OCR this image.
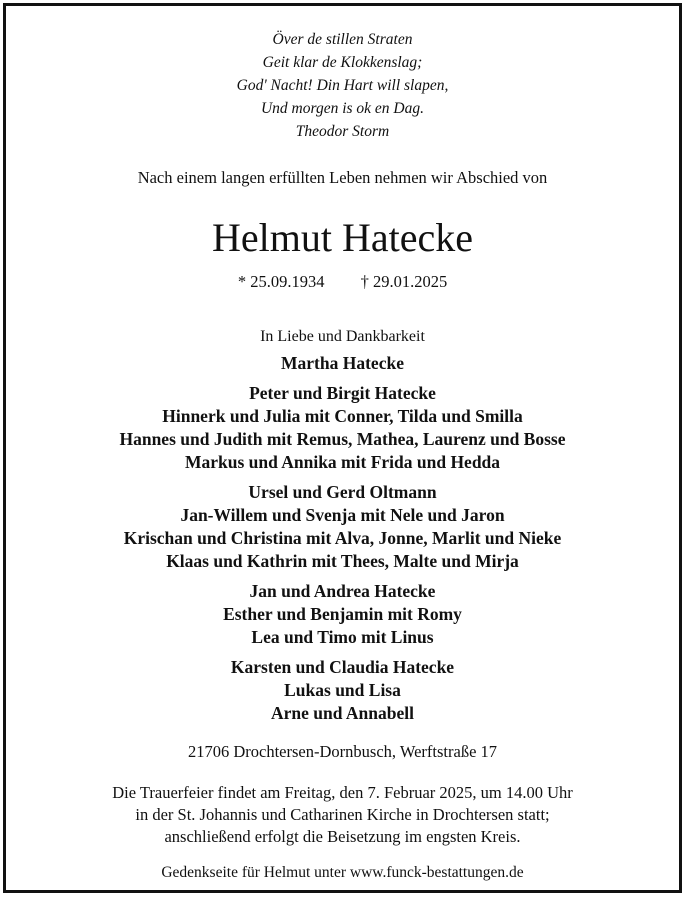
Över de stillen Straten
Geit klar de Klokkenslag;
God' Nacht! Din Hart will slapen,
Und morgen is ok en Dag.
Theodor Storm
Nach einem langen erfüllten Leben nehmen wir Abschied von
Helmut Hatecke
* 25.09.1934 † 29.01.2025
In Liebe und Dankbarkeit
Martha Hatecke
Peter und Birgit Hatecke
Hinnerk und Julia mit Conner, Tilda und Smilla
Hannes und Judith mit Remus, Mathea, Laurenz und Bosse
Markus und Annika mit Frida und Hedda
Ursel und Gerd Oltmann
Jan-Willem und Svenja mit Nele und Jaron
Krischan und Christina mit Alva, Jonne, Marlit und Nieke
Klaas und Kathrin mit Thees, Malte und Mirja
Jan und Andrea Hatecke
Esther und Benjamin mit Romy
Lea und Timo mit Linus
Karsten und Claudia Hatecke
Lukas und Lisa
Arne und Annabell
21706 Drochtersen-Dornbusch, Werftstraße 17
Die Trauerfeier findet am Freitag, den 7. Februar 2025, um 14.00 Uhr
in der St. Johannis und Catharinen Kirche in Drochtersen statt;
anschließend erfolgt die Beisetzung im engsten Kreis.
Gedenkseite für Helmut unter www.funck-bestattungen.de
